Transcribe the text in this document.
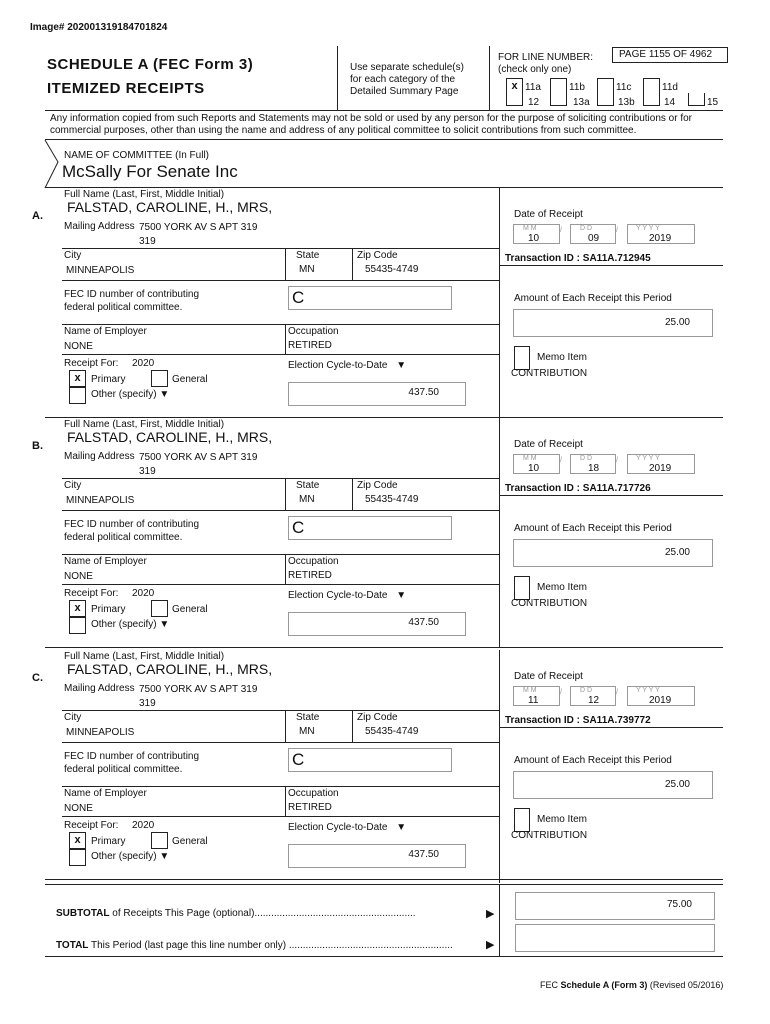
Image# 202001319184701824
SCHEDULE A (FEC Form 3)
ITEMIZED RECEIPTS
Use separate schedule(s)
for each category of the
Detailed Summary Page
FOR LINE NUMBER:
(check only one)
PAGE 1155 OF 4962
x 11a	11b	11c	11d
12	13a	13b	14	15
Any information copied from such Reports and Statements may not be sold or used by any person for the purpose of soliciting contributions or for commercial purposes, other than using the name and address of any political committee to solicit contributions from such committee.
NAME OF COMMITTEE (In Full)
McSally For Senate Inc
Full Name (Last, First, Middle Initial)
A.
FALSTAD, CAROLINE, H., MRS,
Mailing Address 7500 YORK AV S APT 319
319
City
MINNEAPOLIS
State
MN
Zip Code
55435-4749
FEC ID number of contributing
federal political committee.
C
Name of Employer
NONE
Occupation
RETIRED
Receipt For: 2020
x	Primary	General
Other (specify) ▼
Election Cycle-to-Date ▼
437.50
Date of Receipt
M M
10
/	D D
09
/	Y Y Y Y
2019
Transaction ID : SA11A.712945
Amount of Each Receipt this Period
25.00
Memo Item
CONTRIBUTION
Full Name (Last, First, Middle Initial)
B.
FALSTAD, CAROLINE, H., MRS,
Mailing Address 7500 YORK AV S APT 319
319
City
MINNEAPOLIS
State
MN
Zip Code
55435-4749
FEC ID number of contributing
federal political committee.
C
Name of Employer
NONE
Occupation
RETIRED
Receipt For: 2020
x	Primary	General
Other (specify) ▼
Election Cycle-to-Date ▼
437.50
Date of Receipt
M M
10
/	D D
18
/	Y Y Y Y
2019
Transaction ID : SA11A.717726
Amount of Each Receipt this Period
25.00
Memo Item
CONTRIBUTION
Full Name (Last, First, Middle Initial)
C.
FALSTAD, CAROLINE, H., MRS,
Mailing Address 7500 YORK AV S APT 319
319
City
MINNEAPOLIS
State
MN
Zip Code
55435-4749
FEC ID number of contributing
federal political committee.
C
Name of Employer
NONE
Occupation
RETIRED
Receipt For: 2020
x	Primary	General
Other (specify) ▼
Election Cycle-to-Date ▼
437.50
Date of Receipt
M M
11
/	D D
12
/	Y Y Y Y
2019
Transaction ID : SA11A.739772
Amount of Each Receipt this Period
25.00
Memo Item
CONTRIBUTION
SUBTOTAL of Receipts This Page (optional)..........................................................	▶
75.00
TOTAL This Period (last page this line number only) ...........................................................	▶
FEC Schedule A (Form 3) (Revised 05/2016)
